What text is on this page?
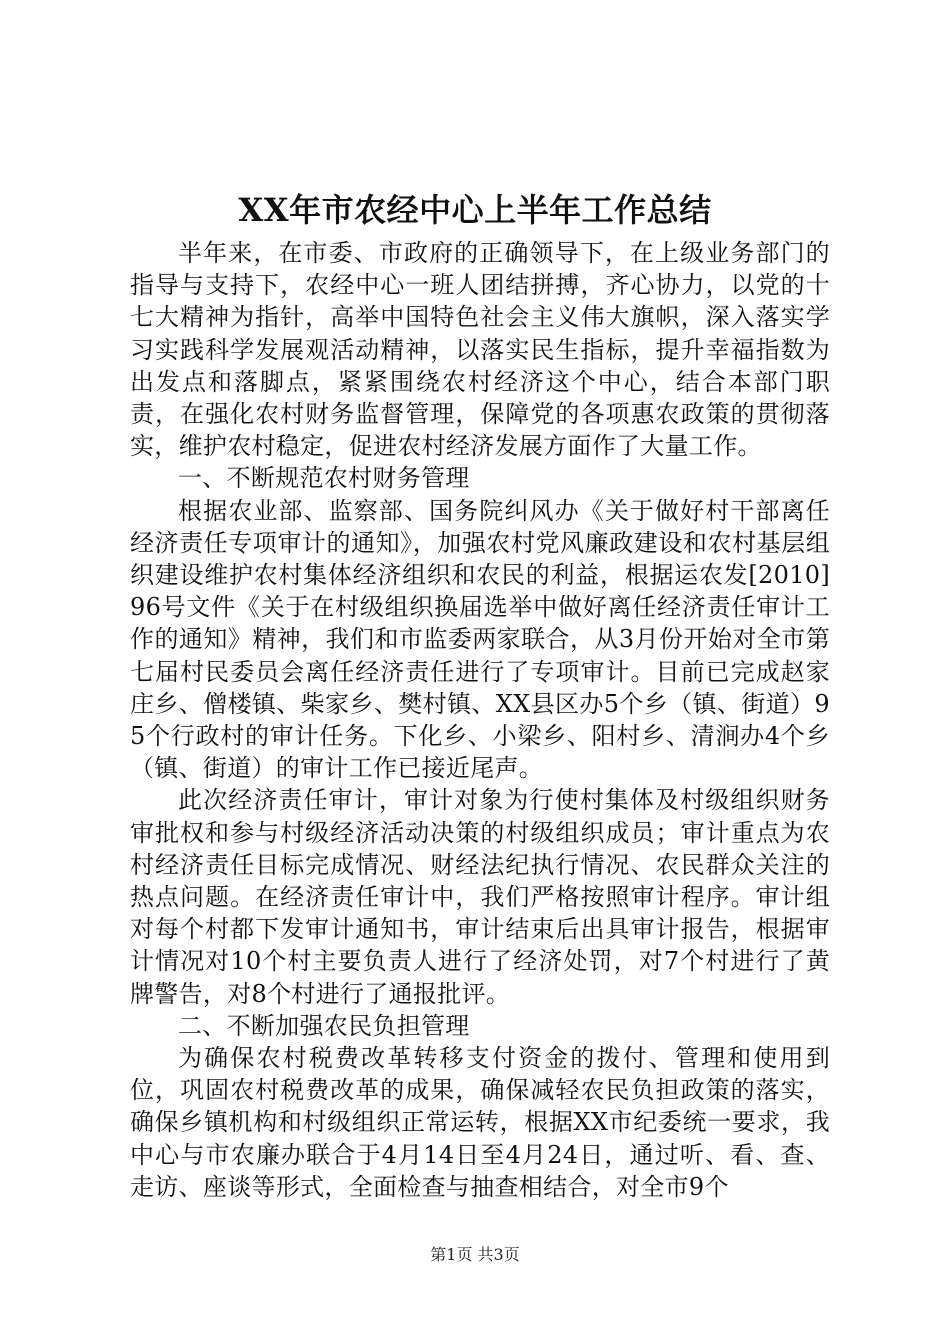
XX年市农经中心上半年工作总结

半年来，在市委、市政府的正确领导下，在上级业务部门的指导与支持下，农经中心一班人团结拼搏，齐心协力，以党的十七大精神为指针，高举中国特色社会主义伟大旗帜，深入落实学习实践科学发展观活动精神，以落实民生指标，提升幸福指数为出发点和落脚点，紧紧围绕农村经济这个中心，结合本部门职责，在强化农村财务监督管理，保障党的各项惠农政策的贯彻落实，维护农村稳定，促进农村经济发展方面作了大量工作。

一、不断规范农村财务管理

根据农业部、监察部、国务院纠风办《关于做好村干部离任经济责任专项审计的通知》，加强农村党风廉政建设和农村基层组织建设维护农村集体经济组织和农民的利益，根据运农发[2010]96号文件《关于在村级组织换届选举中做好离任经济责任审计工作的通知》精神，我们和市监委两家联合，从3月份开始对全市第七届村民委员会离任经济责任进行了专项审计。目前已完成赵家庄乡、僧楼镇、柴家乡、樊村镇、XX县区办5个乡（镇、街道）95个行政村的审计任务。下化乡、小梁乡、阳村乡、清涧办4个乡（镇、街道）的审计工作已接近尾声。

此次经济责任审计，审计对象为行使村集体及村级组织财务审批权和参与村级经济活动决策的村级组织成员；审计重点为农村经济责任目标完成情况、财经法纪执行情况、农民群众关注的热点问题。在经济责任审计中，我们严格按照审计程序。审计组对每个村都下发审计通知书，审计结束后出具审计报告，根据审计情况对10个村主要负责人进行了经济处罚，对7个村进行了黄牌警告，对8个村进行了通报批评。

二、不断加强农民负担管理

为确保农村税费改革转移支付资金的拨付、管理和使用到位，巩固农村税费改革的成果，确保减轻农民负担政策的落实，确保乡镇机构和村级组织正常运转，根据XX市纪委统一要求，我中心与市农廉办联合于4月14日至4月24日，通过听、看、查、走访、座谈等形式，全面检查与抽查相结合，对全市9个

第1页 共3页
